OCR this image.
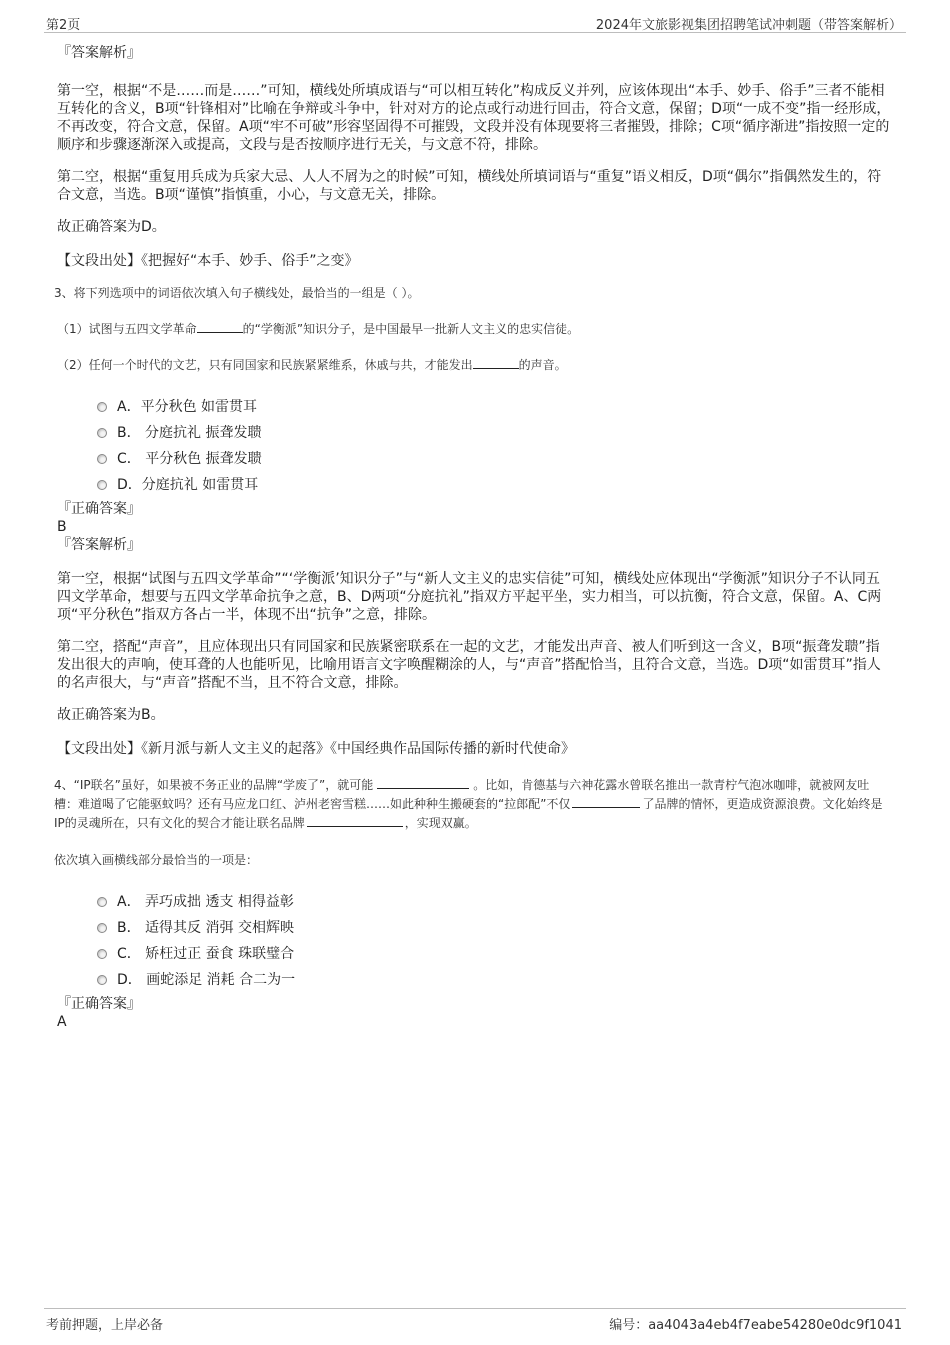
第2页	2024年文旅影视集团招聘笔试冲刺题（带答案解析）

『答案解析』

第一空，根据“不是……而是……”可知，横线处所填成语与“可以相互转化”构成反义并列，应该体现出“本手、妙手、俗手”三者不能相互转化的含义，B项“针锋相对”比喻在争辩或斗争中，针对对方的论点或行动进行回击，符合文意，保留；D项“一成不变”指一经形成，不再改变，符合文意，保留。A项“牢不可破”形容坚固得不可摧毁，文段并没有体现要将三者摧毁，排除；C项“循序渐进”指按照一定的顺序和步骤逐渐深入或提高，文段与是否按顺序进行无关，与文意不符，排除。

第二空，根据“重复用兵成为兵家大忌、人人不屑为之的时候”可知，横线处所填词语与“重复”语义相反，D项“偶尔”指偶然发生的，符合文意，当选。B项“谨慎”指慎重，小心，与文意无关，排除。

故正确答案为D。

【文段出处】《把握好“本手、妙手、俗手”之变》

3、将下列选项中的词语依次填入句子横线处，最恰当的一组是（ ）。

（1）试图与五四文学革命	的“学衡派”知识分子，是中国最早一批新人文主义的忠实信徒。

（2）任何一个时代的文艺，只有同国家和民族紧紧维系，休戚与共，才能发出	的声音。

A．平分秋色 如雷贯耳
B． 分庭抗礼 振聋发聩
C． 平分秋色 振聋发聩
D．分庭抗礼 如雷贯耳

『正确答案』

B

『答案解析』

第一空，根据“试图与五四文学革命”“‘学衡派’知识分子”与“新人文主义的忠实信徒”可知，横线处应体现出“学衡派”知识分子不认同五四文学革命，想要与五四文学革命抗争之意，B、D两项“分庭抗礼”指双方平起平坐，实力相当，可以抗衡，符合文意，保留。A、C两项“平分秋色”指双方各占一半，体现不出“抗争”之意，排除。

第二空，搭配“声音”，且应体现出只有同国家和民族紧密联系在一起的文艺，才能发出声音、被人们听到这一含义，B项“振聋发聩”指发出很大的声响，使耳聋的人也能听见，比喻用语言文字唤醒糊涂的人，与“声音”搭配恰当，且符合文意，当选。D项“如雷贯耳”指人的名声很大，与“声音”搭配不当，且不符合文意，排除。

故正确答案为B。

【文段出处】《新月派与新人文主义的起落》《中国经典作品国际传播的新时代使命》

4、“IP联名”虽好，如果被不务正业的品牌“学废了”，就可能	。比如，肯德基与六神花露水曾联名推出一款青柠气泡冰咖啡，就被网友吐槽：难道喝了它能驱蚊吗？还有马应龙口红、泸州老窖雪糕……如此种种生搬硬套的“拉郎配”不仅	了品牌的情怀，更造成资源浪费。文化始终是IP的灵魂所在，只有文化的契合才能让联名品牌	，实现双赢。

依次填入画横线部分最恰当的一项是：

A． 弄巧成拙 透支 相得益彰
B． 适得其反 消弭 交相辉映
C． 矫枉过正 蚕食 珠联璧合
D． 画蛇添足 消耗 合二为一

『正确答案』

A

考前押题，上岸必备	编号：aa4043a4eb4f7eabe54280e0dc9f1041
